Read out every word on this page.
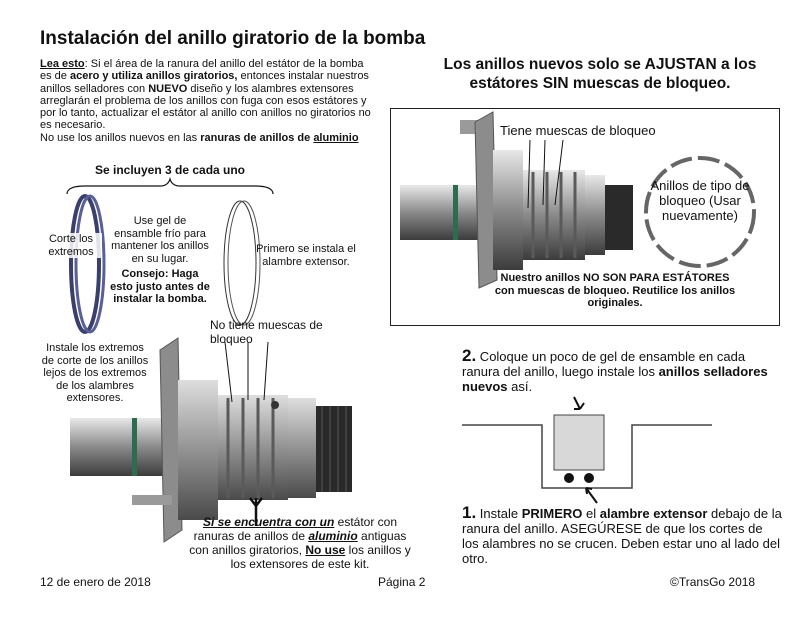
Instalación del anillo giratorio de la bomba
Lea esto: Si el área de la ranura del anillo del estátor de la bomba es de acero y utiliza anillos giratorios, entonces instalar nuestros anillos selladores con NUEVO diseño y los alambres extensores arreglarán el problema de los anillos con fuga con esos estátores y por lo tanto, actualizar el estátor al anillo con anillos no giratorios no es necesario.
No use los anillos nuevos en las ranuras de anillos de aluminio
Se incluyen 3 de cada uno
Corte los extremos
Use gel de ensamble frío para mantener los anillos en su lugar.
Consejo: Haga esto justo antes de instalar la bomba.
Primero se instala el alambre extensor.
No tiene muescas de bloqueo
Instale los extremos de corte de los anillos lejos de los extremos de los alambres extensores.
Si se encuentra con un estátor con ranuras de anillos de aluminio antiguas con anillos giratorios, No use los anillos y los extensores de este kit.
Los anillos nuevos solo se AJUSTAN a los estátores SIN muescas de bloqueo.
Tiene muescas de bloqueo
Anillos de tipo de bloqueo (Usar nuevamente)
Nuestro anillos NO SON PARA ESTÁTORES con muescas de bloqueo. Reutilice los anillos originales.
2. Coloque un poco de gel de ensamble en cada ranura del anillo, luego instale los anillos selladores nuevos así.
1. Instale PRIMERO el alambre extensor debajo de la ranura del anillo. ASEGÚRESE de que los cortes de los alambres no se crucen. Deben estar uno al lado del otro.
12 de enero de 2018	Página 2	©TransGo 2018
